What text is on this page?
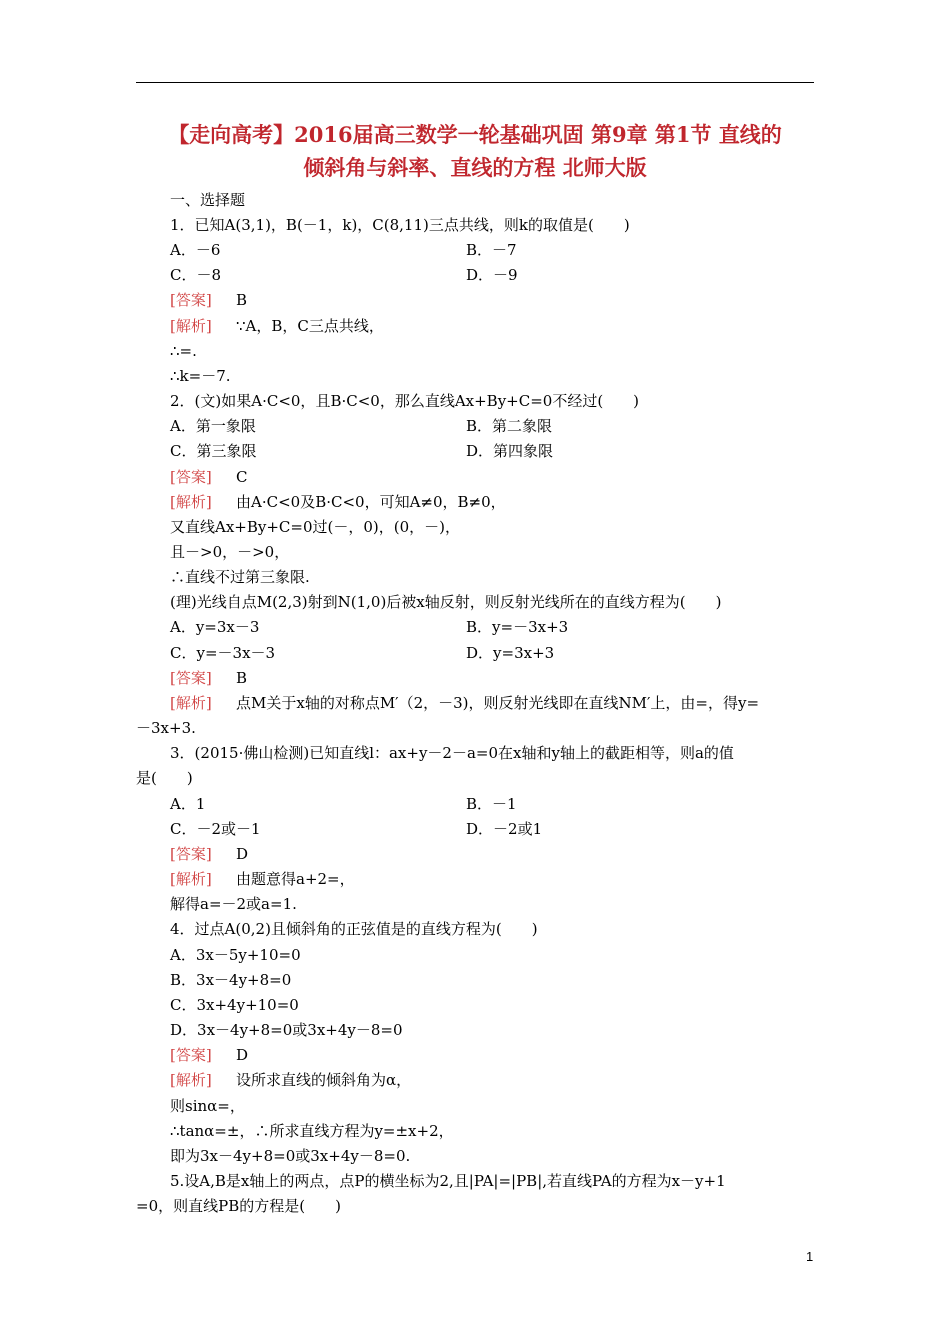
【走向高考】2016届高三数学一轮基础巩固 第9章 第1节 直线的
倾斜角与斜率、直线的方程 北师大版
一、选择题
1．已知A(3,1)，B(－1，k)，C(8,11)三点共线，则k的取值是(　　)
A．－6	B．－7
C．－8	D．－9
[答案] B
[解析] ∵A，B，C三点共线，
∴=.
∴k=－7.
2．(文)如果A·C<0，且B·C<0，那么直线Ax+By+C=0不经过(　　)
A．第一象限	B．第二象限
C．第三象限	D．第四象限
[答案] C
[解析] 由A·C<0及B·C<0，可知A≠0，B≠0，
又直线Ax+By+C=0过(－，0)，(0，－)，
且－>0，－>0，
∴直线不过第三象限.
(理)光线自点M(2,3)射到N(1,0)后被x轴反射，则反射光线所在的直线方程为(　　)
A．y=3x－3	B．y=－3x+3
C．y=－3x－3	D．y=3x+3
[答案] B
[解析] 点M关于x轴的对称点M′（2，－3)，则反射光线即在直线NM′上，由=，得y=
－3x+3.
3．(2015·佛山检测)已知直线l：ax+y－2－a=0在x轴和y轴上的截距相等，则a的值
是(　　)
A．1	B．－1
C．－2或－1	D．－2或1
[答案] D
[解析] 由题意得a+2=，
解得a=－2或a=1.
4．过点A(0,2)且倾斜角的正弦值是的直线方程为(　　)
A．3x－5y+10=0
B．3x－4y+8=0
C．3x+4y+10=0
D．3x－4y+8=0或3x+4y－8=0
[答案] D
[解析] 设所求直线的倾斜角为α，
则sinα=，
∴tanα=±，∴所求直线方程为y=±x+2，
即为3x－4y+8=0或3x+4y－8=0.
5.设A,B是x轴上的两点，点P的横坐标为2,且|PA|=|PB|,若直线PA的方程为x－y+1
=0，则直线PB的方程是(　　)
1
